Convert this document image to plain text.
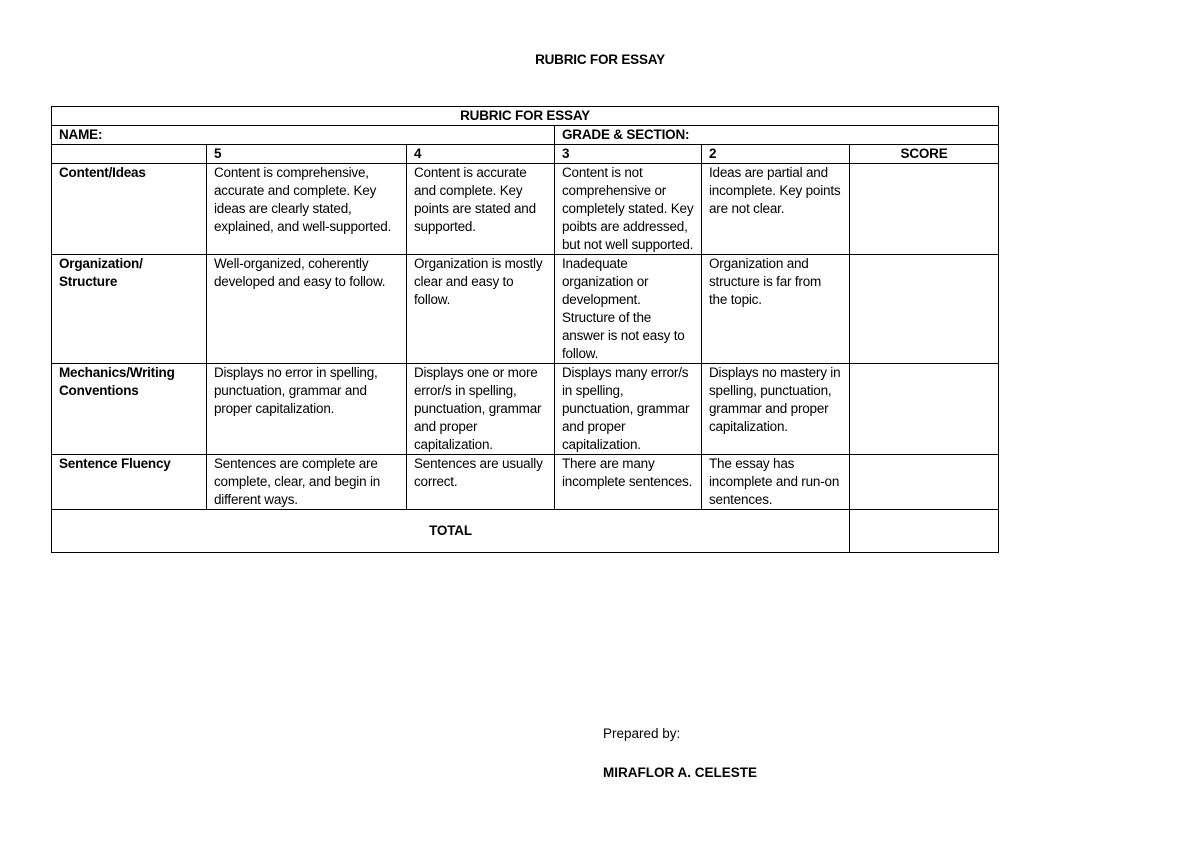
RUBRIC FOR ESSAY
RUBRIC FOR ESSAY					
NAME:			GRADE & SECTION:		
	5	4	3	2	SCORE
Content/Ideas	Content is comprehensive, accurate and complete. Key ideas are clearly stated, explained, and well-supported.	Content is accurate and complete. Key points are stated and supported.	Content is not comprehensive or completely stated. Key poibts are addressed, but not well supported.	Ideas are partial and incomplete. Key points are not clear.	
Organization/ Structure	Well-organized, coherently developed and easy to follow.	Organization is mostly clear and easy to follow.	Inadequate organization or development. Structure of the answer is not easy to follow.	Organization and structure is far from the topic.	
Mechanics/Writing Conventions	Displays no error in spelling, punctuation, grammar and proper capitalization.	Displays one or more error/s in spelling, punctuation, grammar and proper capitalization.	Displays many error/s in spelling, punctuation, grammar and proper capitalization.	Displays no mastery in spelling, punctuation, grammar and proper capitalization.	
Sentence Fluency	Sentences are complete are complete, clear, and begin in different ways.	Sentences are usually correct.	There are many incomplete sentences.	The essay has incomplete and run-on sentences.	
TOTAL					
Prepared by:
MIRAFLOR A. CELESTE
